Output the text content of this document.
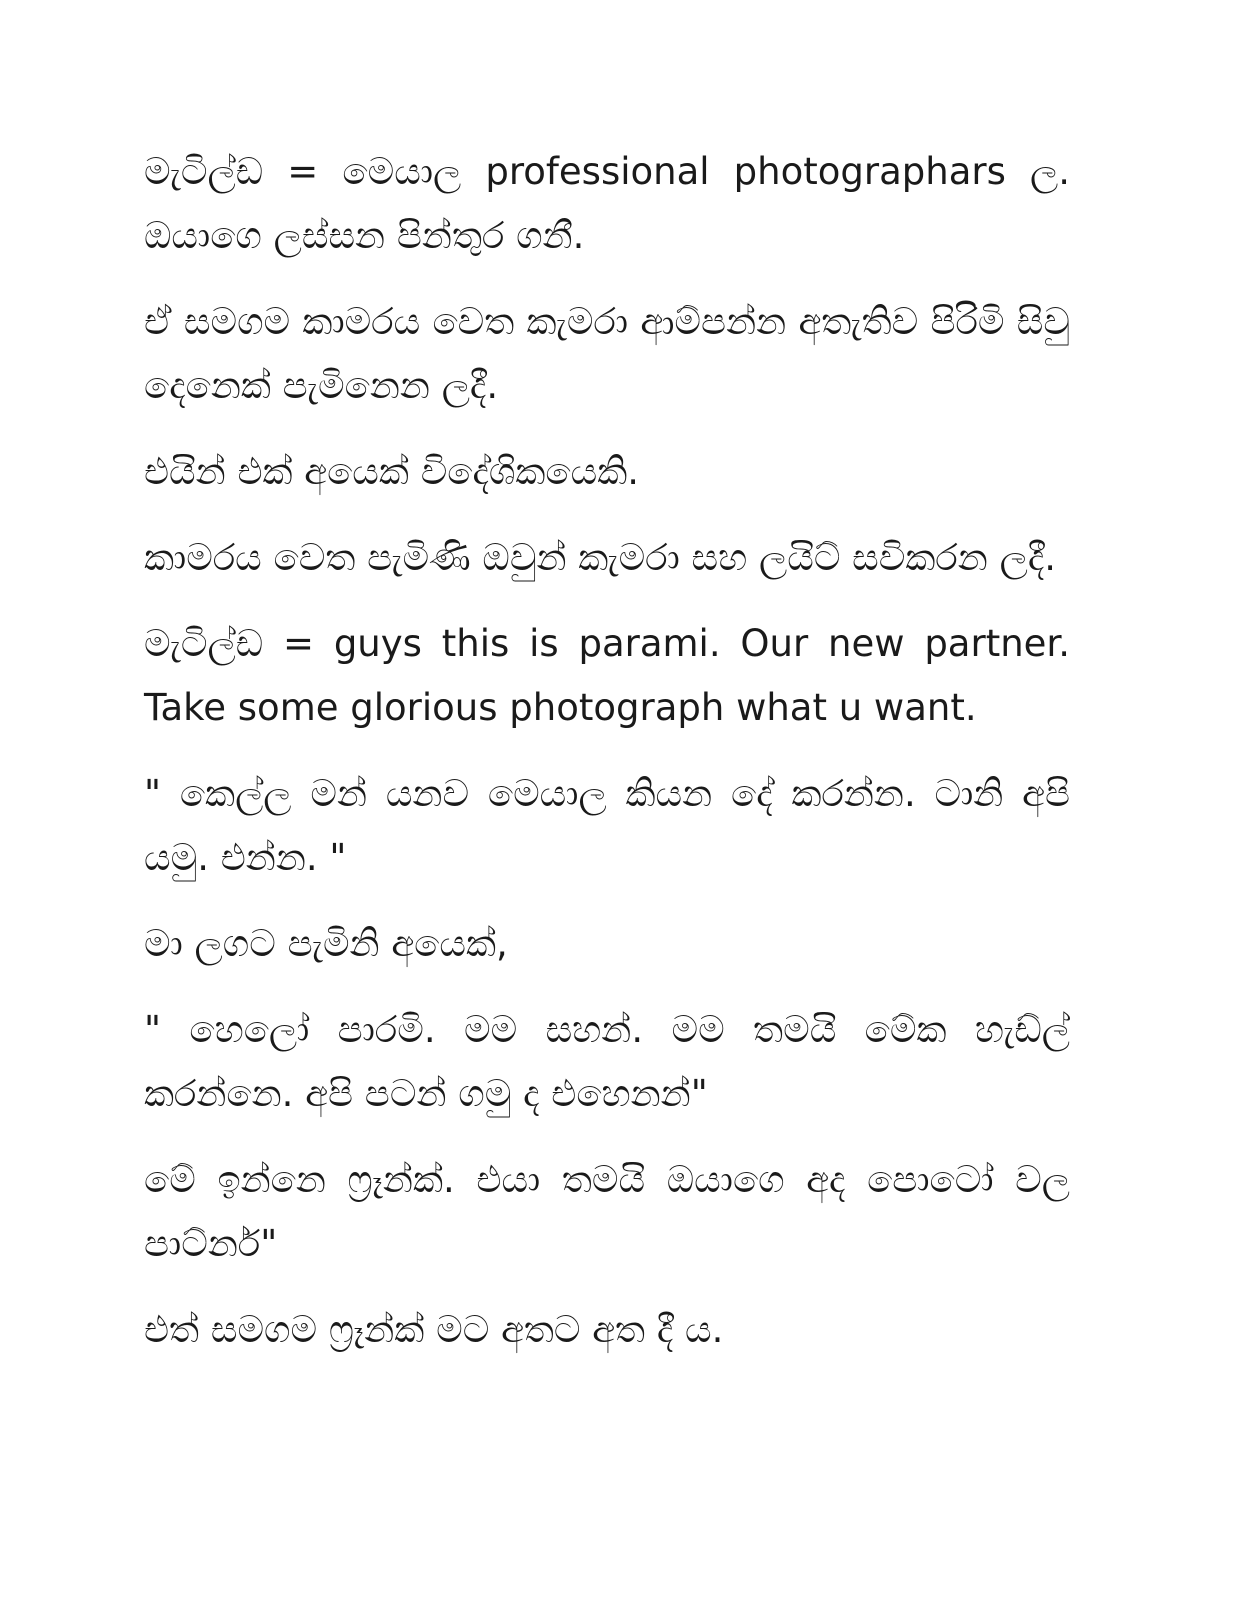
මැටිල්ඩ = මෙයාල professional photographars ල. ඔයාගෙ ලස්සන පින්තුර ගනී.

ඒ සමගම කාමරය වෙත කැමරා ආම්පන්න අතැතිව පිරිමි සිවු දෙනෙක් පැමිනෙන ලදී.

එයින් එක් අයෙක් විදේශිකයෙකි.

කාමරය වෙත පැමිණි ඔවුන් කැමරා සහ ලයිට් සවිකරන ලදී.

මැටිල්ඩ = guys this is parami. Our new partner. Take some glorious photograph what u want.

" කෙල්ල මන් යනව මෙයාල කියන දේ කරන්න. ටානි අපි යමු. එන්න. "

මා ලගට පැමිනි අයෙක්,

" හෙලෝ පාරමි. මම සහන්. මම තමයි මේක හැඩ්ල් කරන්නෙ. අපි පටන් ගමු ද එහෙනන්"

මේ ඉන්නෙ ෆ්‍රෑන්ක්. එයා තමයි ඔයාගෙ අද පොටෝ වල පාට්නර්"

එත් සමගම ෆ්‍රෑන්ක් මට අතට අත දී ය.
